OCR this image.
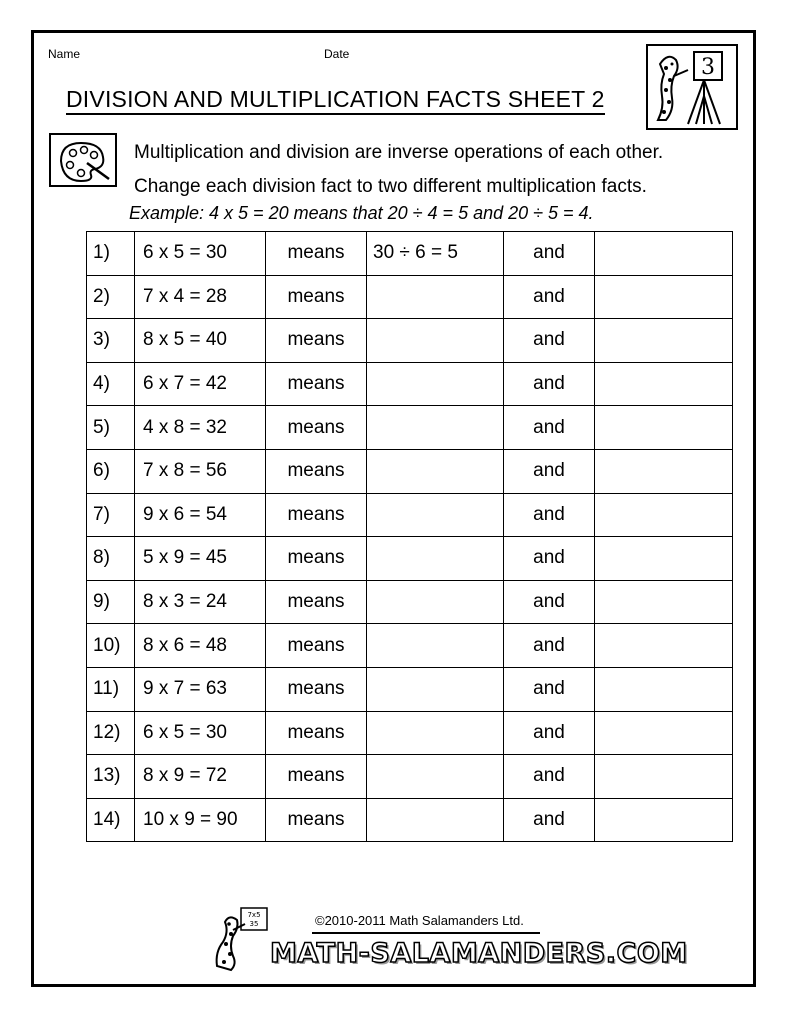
Name	Date
DIVISION AND MULTIPLICATION FACTS SHEET 2
3
Multiplication and division are inverse operations of each other.
Change each division fact to two different multiplication facts.
Example: 4 x 5 = 20 means that 20 ÷ 4 = 5 and 20 ÷ 5 = 4.
1)	6 x 5 = 30	means	30 ÷ 6 = 5	and	
2)	7 x 4 = 28	means		and	
3)	8 x 5 = 40	means		and	
4)	6 x 7 = 42	means		and	
5)	4 x 8 = 32	means		and	
6)	7 x 8 = 56	means		and	
7)	9 x 6 = 54	means		and	
8)	5 x 9 = 45	means		and	
9)	8 x 3 = 24	means		and	
10)	8 x 6 = 48	means		and	
11)	9 x 7 = 63	means		and	
12)	6 x 5 = 30	means		and	
13)	8 x 9 = 72	means		and	
14)	10 x 9 = 90	means		and	
7x5
35	©2010-2011 Math Salamanders Ltd.
MATH-SALAMANDERS.COM
